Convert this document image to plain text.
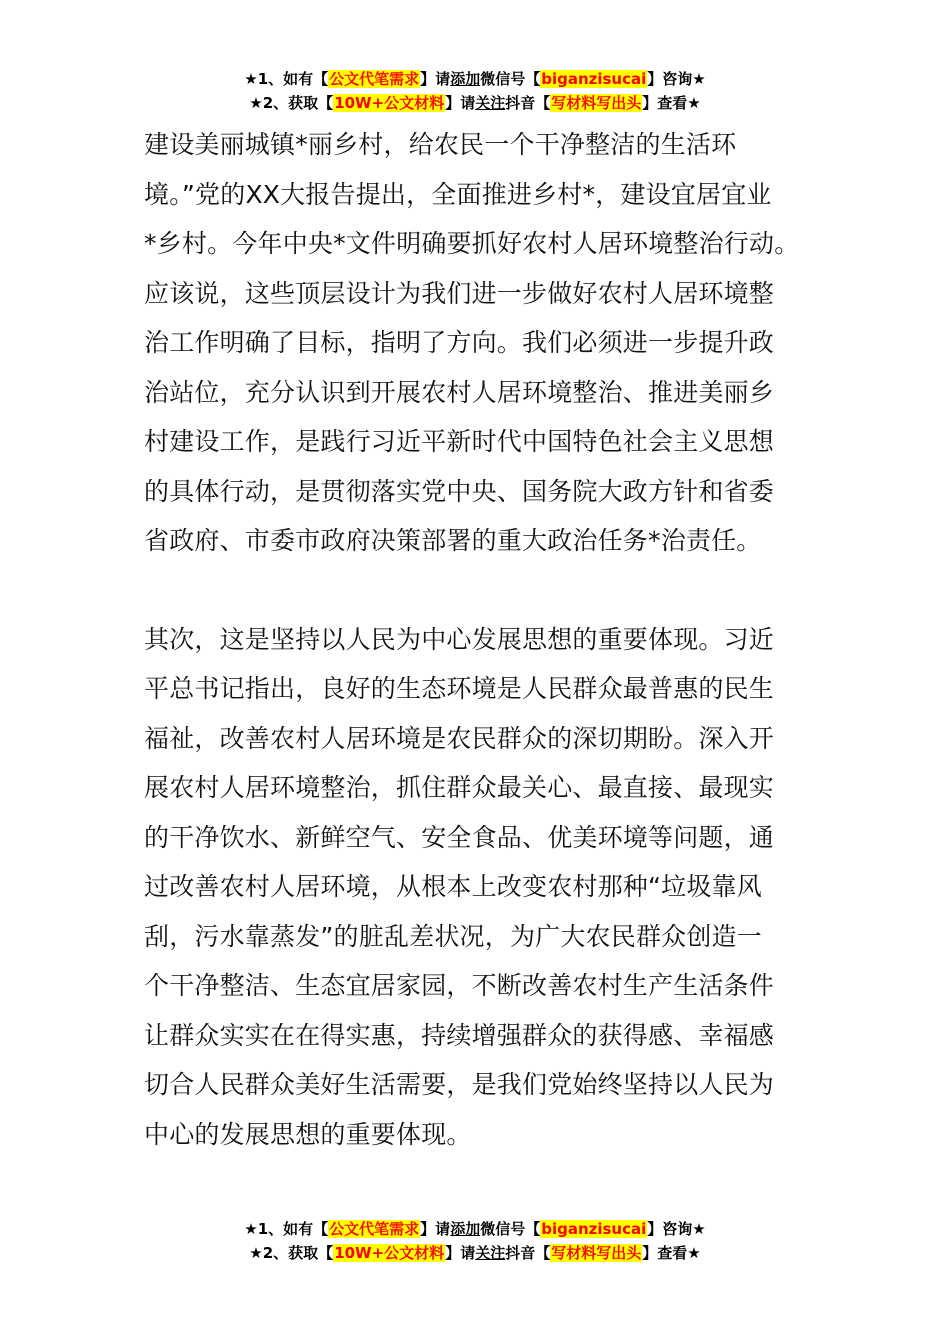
★1、如有【公文代笔需求】请添加微信号【biganzisucai】咨询★
★2、获取【10W+公文材料】请关注抖音【写材料写出头】查看★
建设美丽城镇*丽乡村，给农民一个干净整洁的生活环
境。”党的XX大报告提出，全面推进乡村*，建设宜居宜业
*乡村。今年中央*文件明确要抓好农村人居环境整治行动。
应该说，这些顶层设计为我们进一步做好农村人居环境整
治工作明确了目标，指明了方向。我们必须进一步提升政
治站位，充分认识到开展农村人居环境整治、推进美丽乡
村建设工作，是践行习近平新时代中国特色社会主义思想
的具体行动，是贯彻落实党中央、国务院大政方针和省委
省政府、市委市政府决策部署的重大政治任务*治责任。
其次，这是坚持以人民为中心发展思想的重要体现。习近
平总书记指出，良好的生态环境是人民群众最普惠的民生
福祉，改善农村人居环境是农民群众的深切期盼。深入开
展农村人居环境整治，抓住群众最关心、最直接、最现实
的干净饮水、新鲜空气、安全食品、优美环境等问题，通
过改善农村人居环境，从根本上改变农村那种“垃圾靠风
刮，污水靠蒸发”的脏乱差状况，为广大农民群众创造一
个干净整洁、生态宜居家园，不断改善农村生产生活条件
让群众实实在在得实惠，持续增强群众的获得感、幸福感
切合人民群众美好生活需要，是我们党始终坚持以人民为
中心的发展思想的重要体现。
★1、如有【公文代笔需求】请添加微信号【biganzisucai】咨询★
★2、获取【10W+公文材料】请关注抖音【写材料写出头】查看★
